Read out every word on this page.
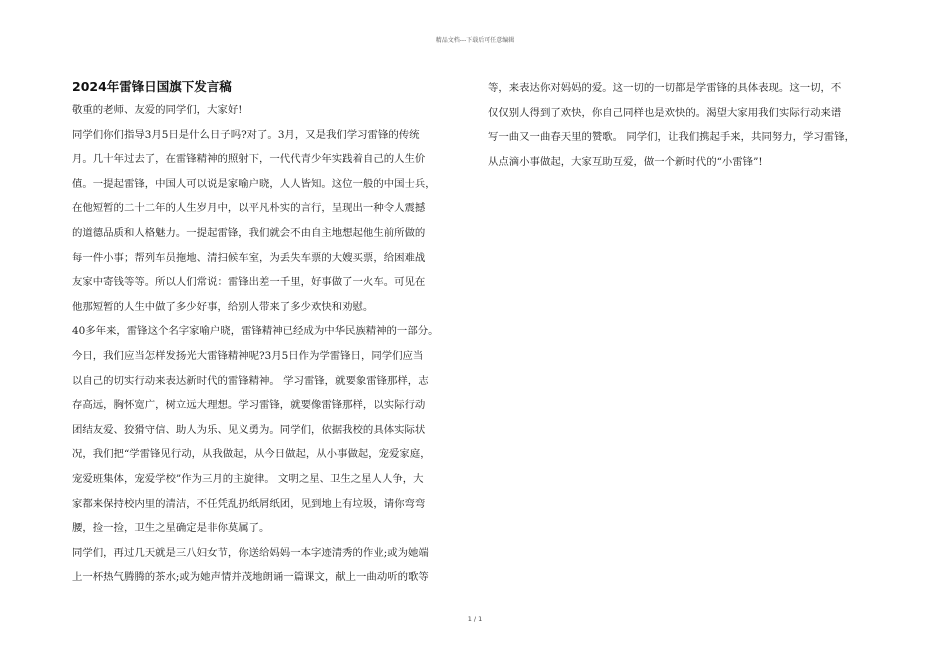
精品文档---下载后可任意编辑
2024年雷锋日国旗下发言稿
敬重的老师、友爱的同学们，大家好!
同学们你们指导3月5日是什么日子吗?对了。3月，又是我们学习雷锋的传统
月。几十年过去了，在雷锋精神的照射下，一代代青少年实践着自己的人生价
值。一提起雷锋，中国人可以说是家喻户晓，人人皆知。这位一般的中国士兵，
在他短暂的二十二年的人生岁月中，以平凡朴实的言行，呈现出一种令人震撼
的道德品质和人格魅力。一提起雷锋，我们就会不由自主地想起他生前所做的
每一件小事；帮列车员拖地、清扫候车室，为丢失车票的大嫂买票，给困难战
友家中寄钱等等。所以人们常说：雷锋出差一千里，好事做了一火车。可见在
他那短暂的人生中做了多少好事，给别人带来了多少欢快和劝慰。
40多年来，雷锋这个名字家喻户晓，雷锋精神已经成为中华民族精神的一部分。
今日，我们应当怎样发扬光大雷锋精神呢?3月5日作为学雷锋日，同学们应当
以自己的切实行动来表达新时代的雷锋精神。 学习雷锋，就要象雷锋那样，志
存高远，胸怀宽广，树立远大理想。学习雷锋，就要像雷锋那样，以实际行动
团结友爱、狡猾守信、助人为乐、见义勇为。同学们，依据我校的具体实际状
况，我们把“学雷锋见行动，从我做起，从今日做起，从小事做起，宠爱家庭，
宠爱班集体，宠爱学校”作为三月的主旋律。 文明之星、卫生之星人人争，大
家都来保持校内里的清洁，不任凭乱扔纸屑纸团，见到地上有垃圾，请你弯弯
腰，捡一捡，卫生之星确定是非你莫属了。
同学们，再过几天就是三八妇女节，你送给妈妈一本字迹清秀的作业;或为她端
上一杯热气腾腾的茶水;或为她声情并茂地朗诵一篇课文，献上一曲动听的歌等
等，来表达你对妈妈的爱。这一切的一切都是学雷锋的具体表现。这一切，不
仅仅别人得到了欢快，你自己同样也是欢快的。渴望大家用我们实际行动来谱
写一曲又一曲春天里的赞歌。 同学们，让我们携起手来，共同努力，学习雷锋，
从点滴小事做起，大家互助互爱，做一个新时代的“小雷锋”!
1 / 1
